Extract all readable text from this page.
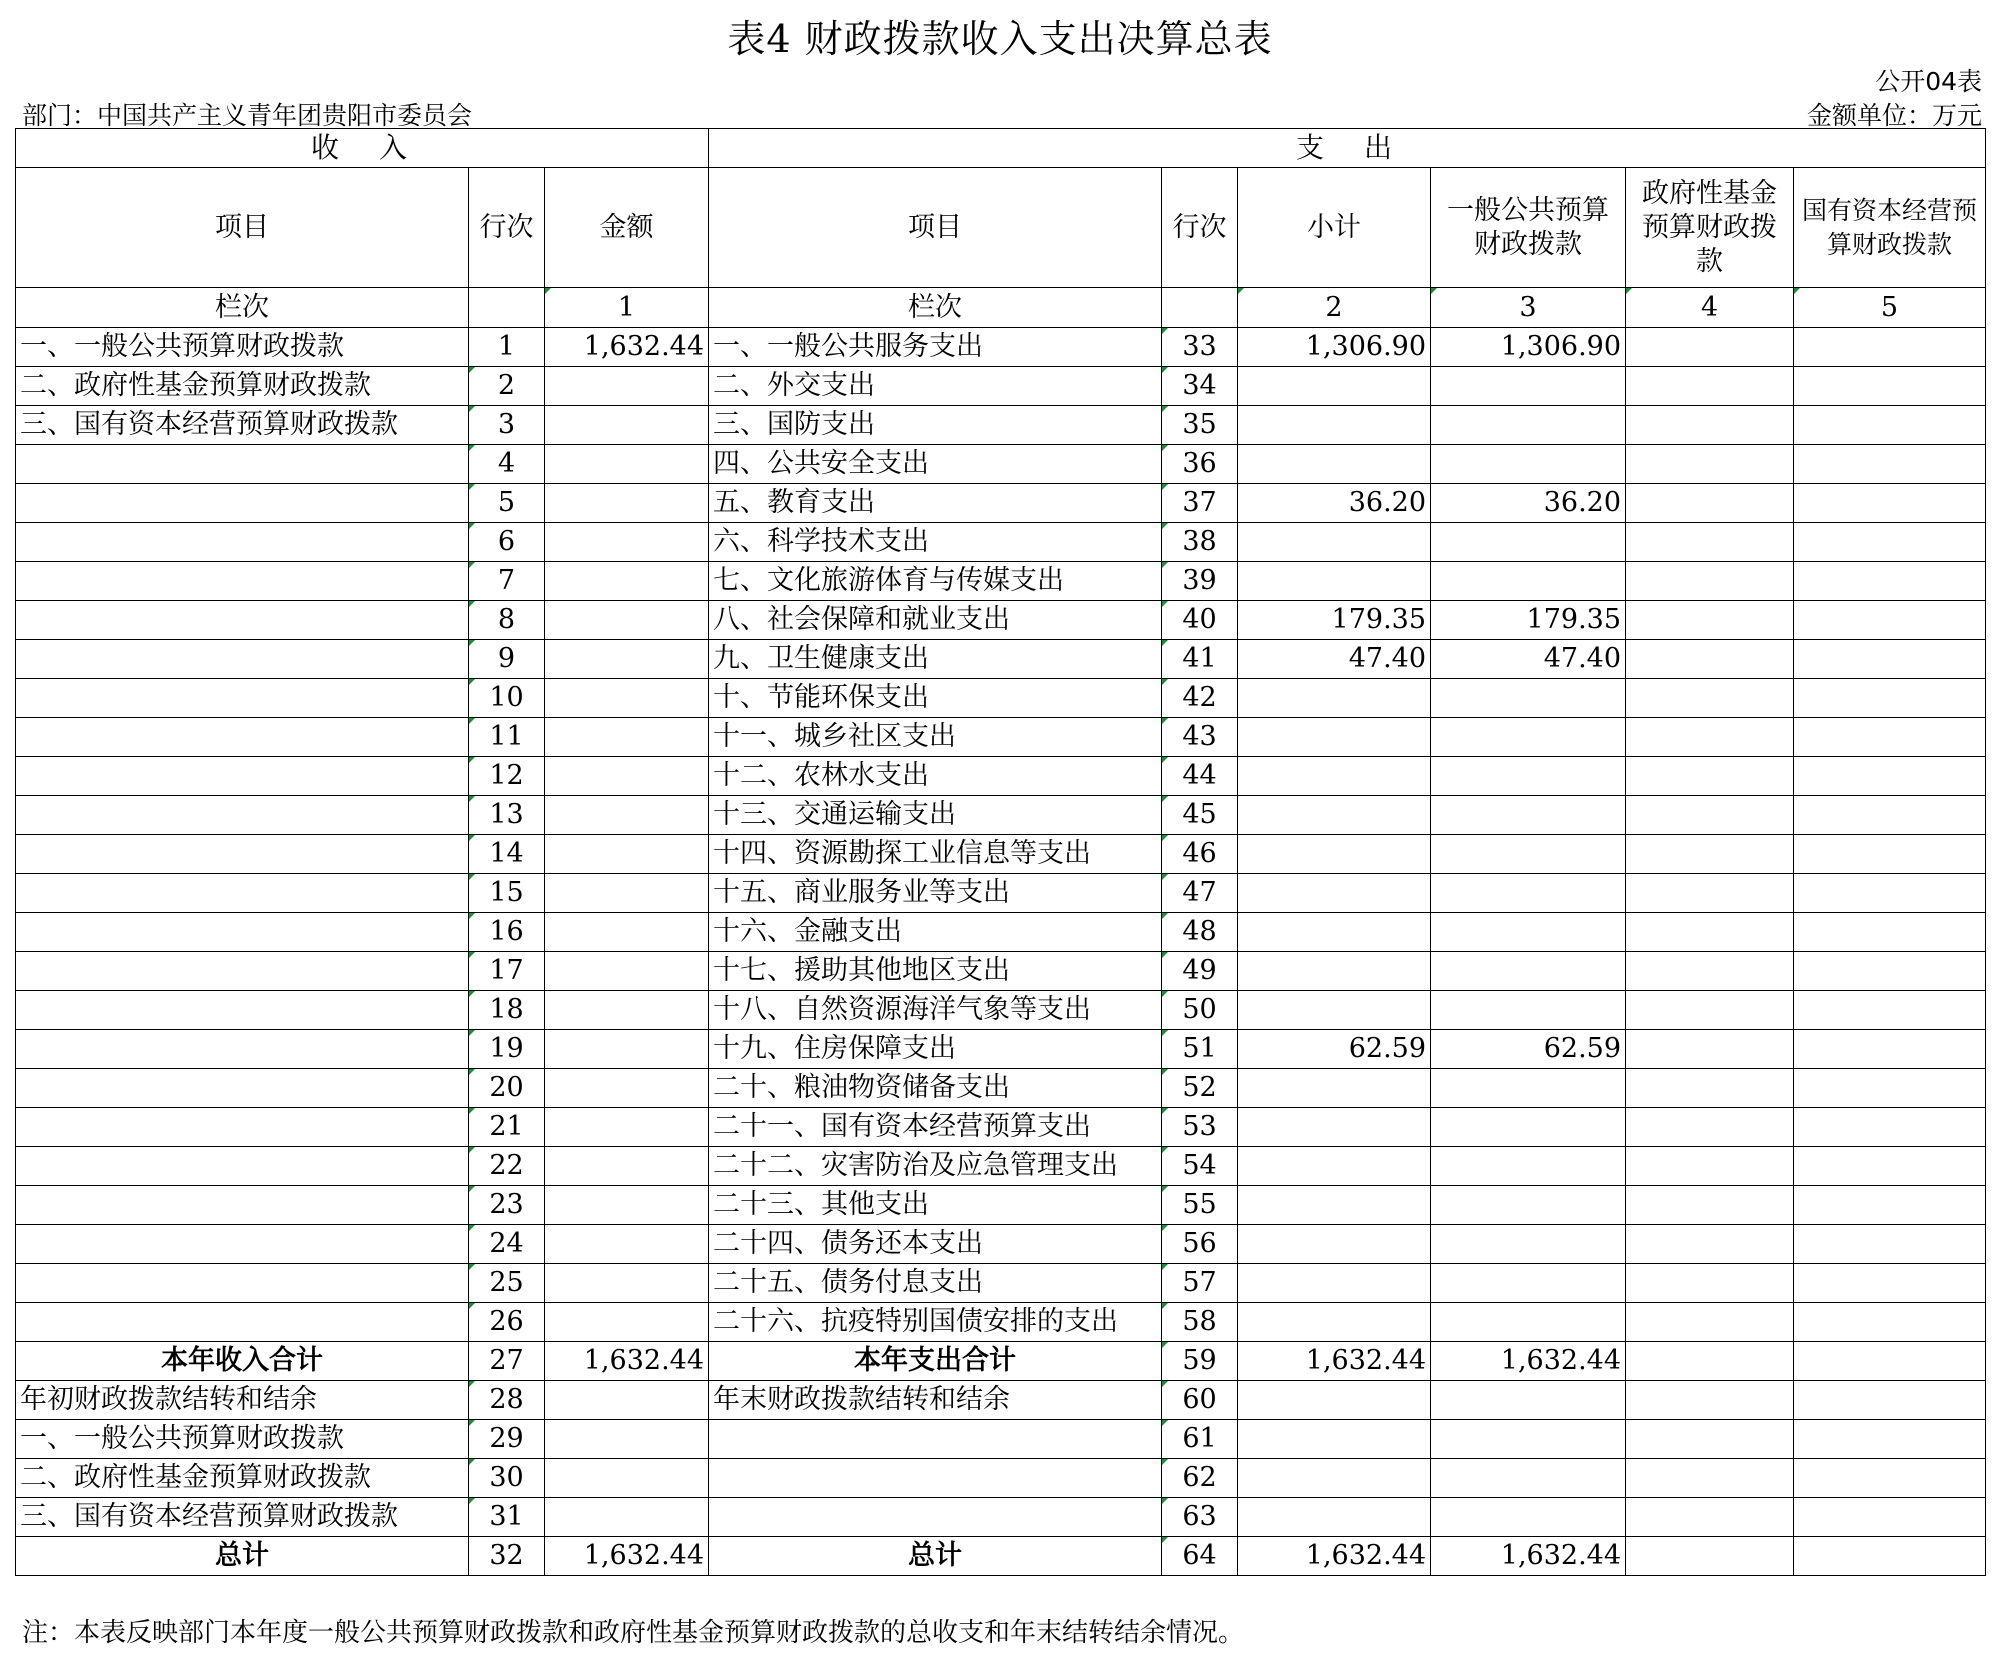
表4 财政拨款收入支出决算总表
公开04表
部门：中国共产主义青年团贵阳市委员会	金额单位：万元
收　入			支　出					
项目	行次	金额	项目	行次	小计	一般公共预算财政拨款	政府性基金预算财政拨款	国有资本经营预算财政拨款
栏次		1	栏次		2	3	4	5
一、一般公共预算财政拨款	1	1,632.44	一、一般公共服务支出	33	1,306.90	1,306.90		
二、政府性基金预算财政拨款	2		二、外交支出	34				
三、国有资本经营预算财政拨款	3		三、国防支出	35				
	4		四、公共安全支出	36				
	5		五、教育支出	37	36.20	36.20		
	6		六、科学技术支出	38				
	7		七、文化旅游体育与传媒支出	39				
	8		八、社会保障和就业支出	40	179.35	179.35		
	9		九、卫生健康支出	41	47.40	47.40		
	10		十、节能环保支出	42				
	11		十一、城乡社区支出	43				
	12		十二、农林水支出	44				
	13		十三、交通运输支出	45				
	14		十四、资源勘探工业信息等支出	46				
	15		十五、商业服务业等支出	47				
	16		十六、金融支出	48				
	17		十七、援助其他地区支出	49				
	18		十八、自然资源海洋气象等支出	50				
	19		十九、住房保障支出	51	62.59	62.59		
	20		二十、粮油物资储备支出	52				
	21		二十一、国有资本经营预算支出	53				
	22		二十二、灾害防治及应急管理支出	54				
	23		二十三、其他支出	55				
	24		二十四、债务还本支出	56				
	25		二十五、债务付息支出	57				
	26		二十六、抗疫特别国债安排的支出	58				
本年收入合计	27	1,632.44	本年支出合计	59	1,632.44	1,632.44		
年初财政拨款结转和结余	28		年末财政拨款结转和结余	60				
一、一般公共预算财政拨款	29			61				
二、政府性基金预算财政拨款	30			62				
三、国有资本经营预算财政拨款	31			63				
总计	32	1,632.44	总计	64	1,632.44	1,632.44		
注：本表反映部门本年度一般公共预算财政拨款和政府性基金预算财政拨款的总收支和年末结转结余情况。
